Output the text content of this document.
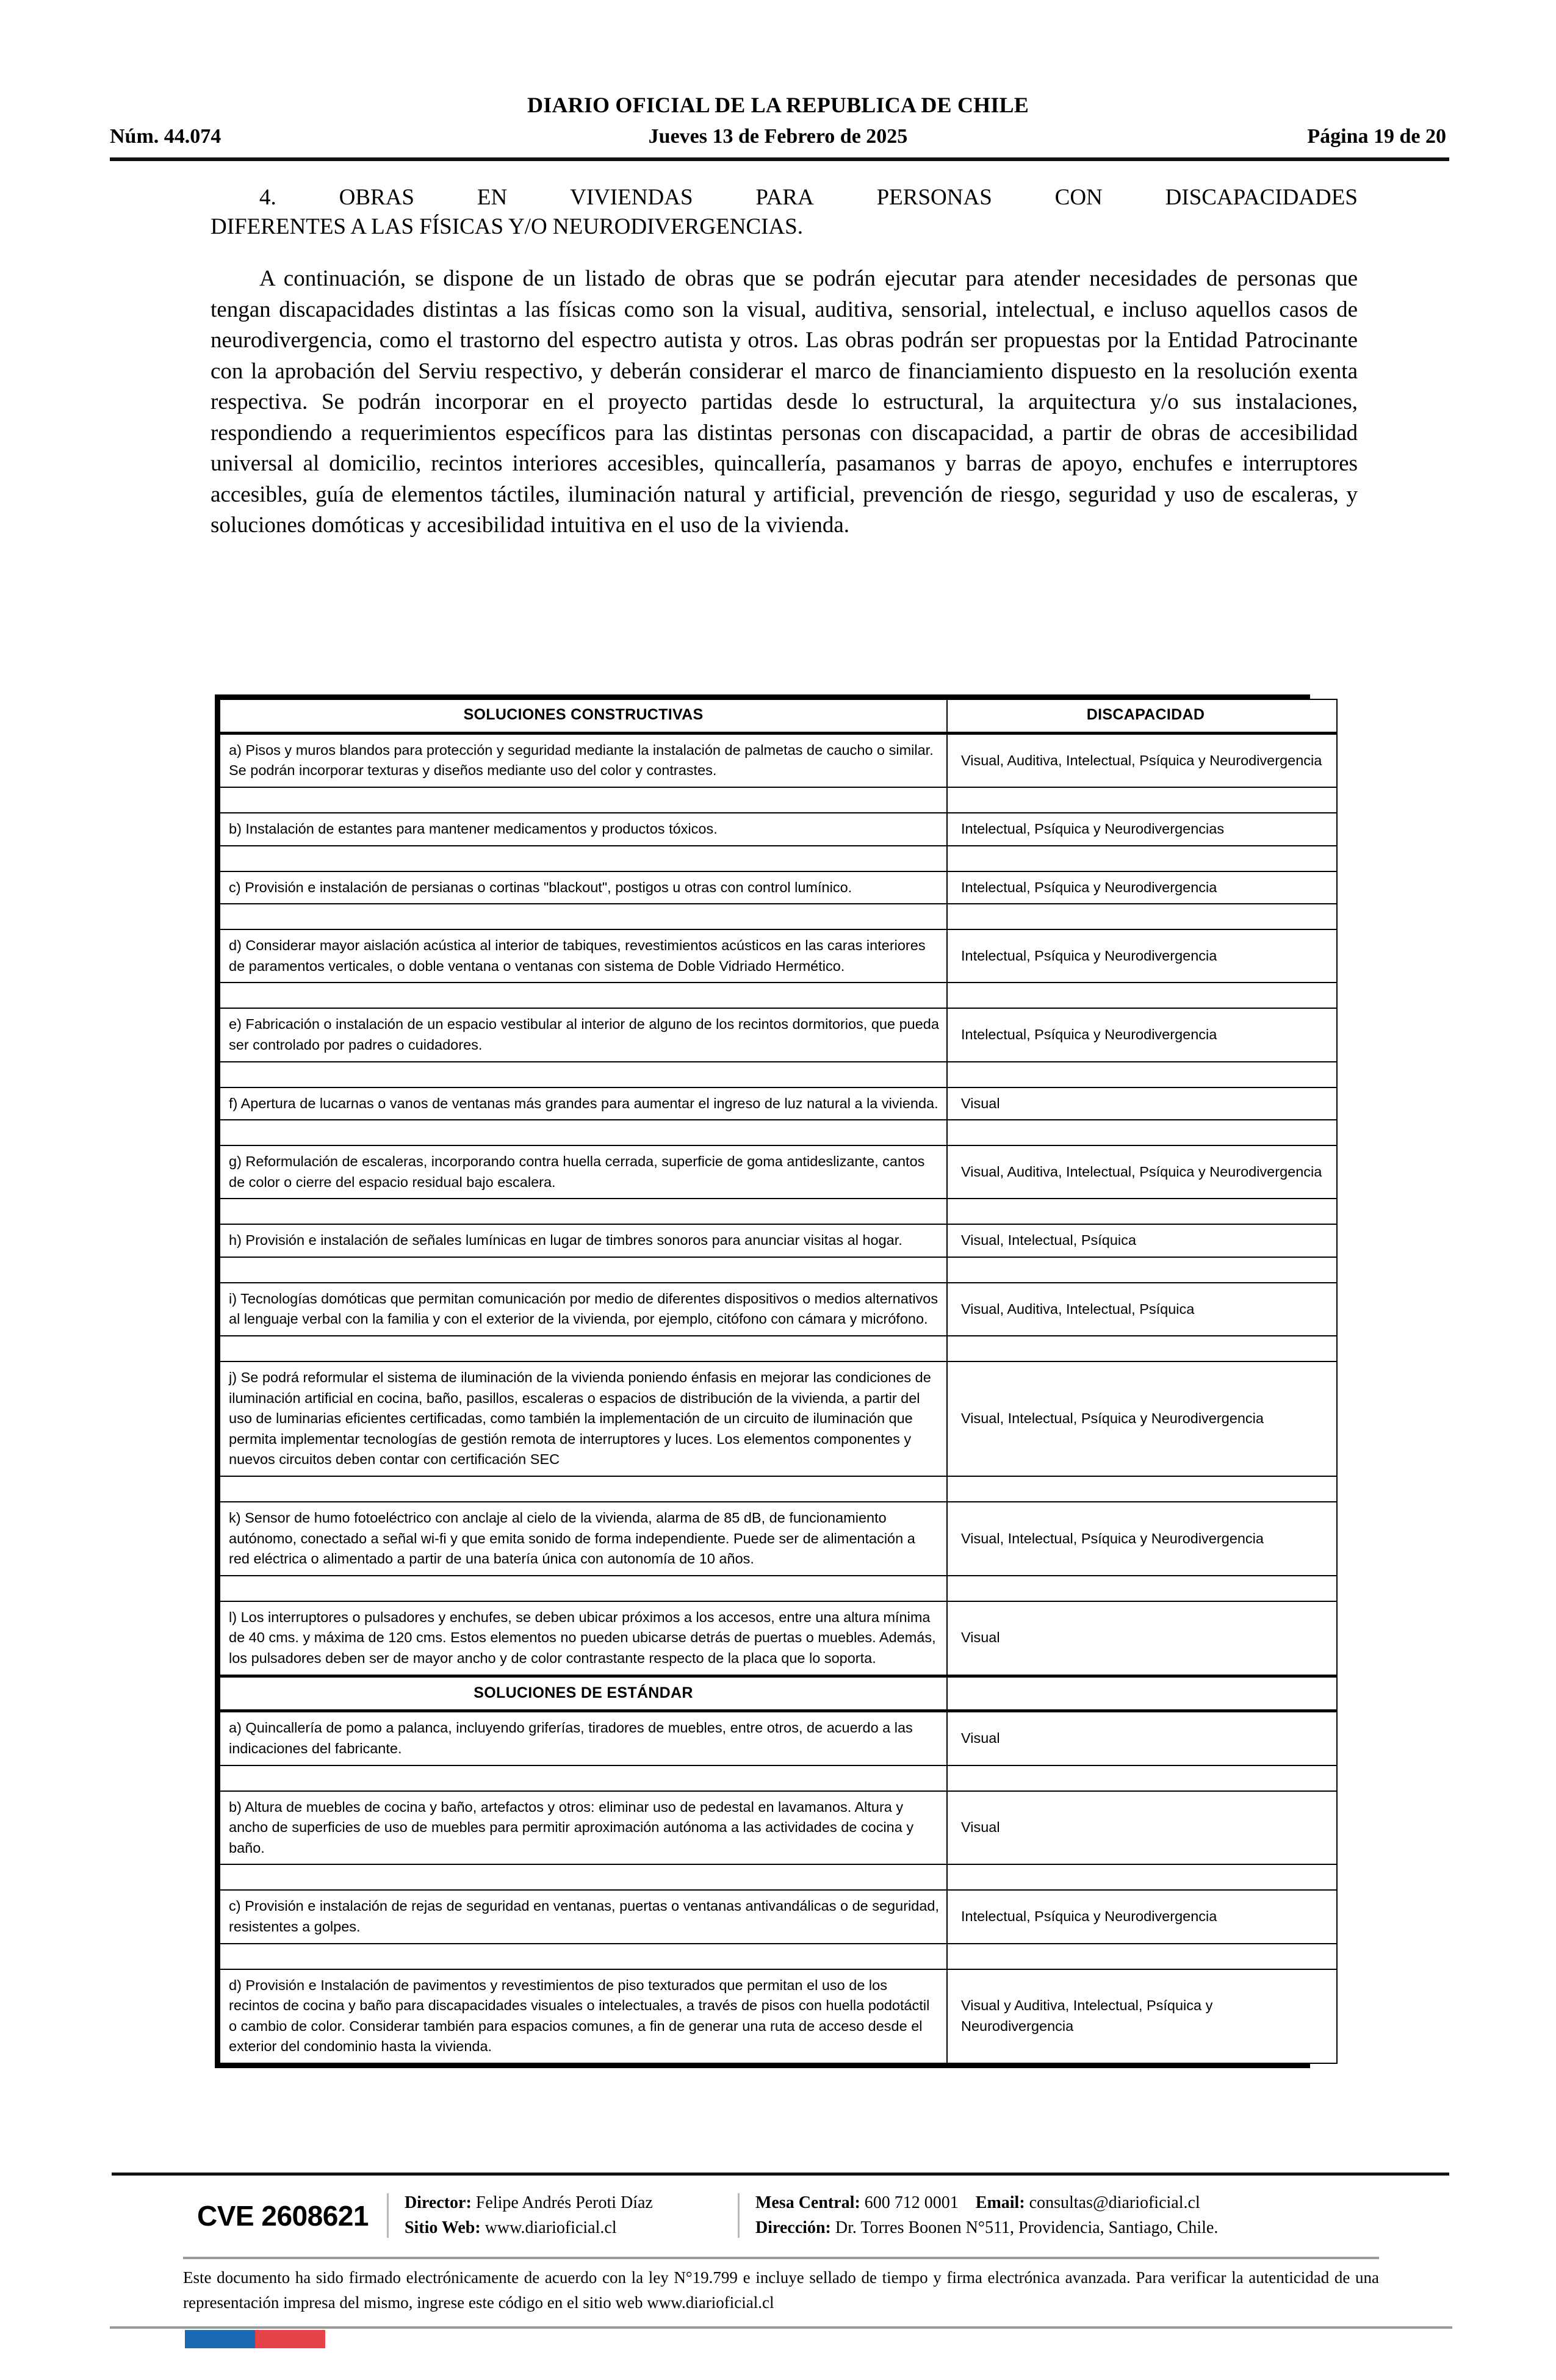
DIARIO OFICIAL DE LA REPUBLICA DE CHILE
Núm. 44.074	Jueves 13 de Febrero de 2025	Página 19 de 20
4.	OBRAS	EN	VIVIENDAS	PARA	PERSONAS	CON	DISCAPACIDADES
DIFERENTES A LAS FÍSICAS Y/O NEURODIVERGENCIAS.

A continuación, se dispone de un listado de obras que se podrán ejecutar para atender necesidades de personas que tengan discapacidades distintas a las físicas como son la visual, auditiva, sensorial, intelectual, e incluso aquellos casos de neurodivergencia, como el trastorno del espectro autista y otros. Las obras podrán ser propuestas por la Entidad Patrocinante con la aprobación del Serviu respectivo, y deberán considerar el marco de financiamiento dispuesto en la resolución exenta respectiva. Se podrán incorporar en el proyecto partidas desde lo estructural, la arquitectura y/o sus instalaciones, respondiendo a requerimientos específicos para las distintas personas con discapacidad, a partir de obras de accesibilidad universal al domicilio, recintos interiores accesibles, quincallería, pasamanos y barras de apoyo, enchufes e interruptores accesibles, guía de elementos táctiles, iluminación natural y artificial, prevención de riesgo, seguridad y uso de escaleras, y soluciones domóticas y accesibilidad intuitiva en el uso de la vivienda.

SOLUCIONES CONSTRUCTIVAS	DISCAPACIDAD
a) Pisos y muros blandos para protección y seguridad mediante la instalación de palmetas de caucho o similar. Se podrán incorporar texturas y diseños mediante uso del color y contrastes.	Visual, Auditiva, Intelectual, Psíquica y Neurodivergencia

b) Instalación de estantes para mantener medicamentos y productos tóxicos.	Intelectual, Psíquica y Neurodivergencias

c) Provisión e instalación de persianas o cortinas "blackout", postigos u otras con control lumínico.	Intelectual, Psíquica y Neurodivergencia

d) Considerar mayor aislación acústica al interior de tabiques, revestimientos acústicos en las caras interiores de paramentos verticales, o doble ventana o ventanas con sistema de Doble Vidriado Hermético.	Intelectual, Psíquica y Neurodivergencia

e) Fabricación o instalación de un espacio vestibular al interior de alguno de los recintos dormitorios, que pueda ser controlado por padres o cuidadores.	Intelectual, Psíquica y Neurodivergencia

f) Apertura de lucarnas o vanos de ventanas más grandes para aumentar el ingreso de luz natural a la vivienda.	Visual

g) Reformulación de escaleras, incorporando contra huella cerrada, superficie de goma antideslizante, cantos de color o cierre del espacio residual bajo escalera.	Visual, Auditiva, Intelectual, Psíquica y Neurodivergencia

h) Provisión e instalación de señales lumínicas en lugar de timbres sonoros para anunciar visitas al hogar.	Visual, Intelectual, Psíquica

i) Tecnologías domóticas que permitan comunicación por medio de diferentes dispositivos o medios alternativos al lenguaje verbal con la familia y con el exterior de la vivienda, por ejemplo, citófono con cámara y micrófono.	Visual, Auditiva, Intelectual, Psíquica

j) Se podrá reformular el sistema de iluminación de la vivienda poniendo énfasis en mejorar las condiciones de iluminación artificial en cocina, baño, pasillos, escaleras o espacios de distribución de la vivienda, a partir del uso de luminarias eficientes certificadas, como también la implementación de un circuito de iluminación que permita implementar tecnologías de gestión remota de interruptores y luces. Los elementos componentes y nuevos circuitos deben contar con certificación SEC	Visual, Intelectual, Psíquica y Neurodivergencia

k) Sensor de humo fotoeléctrico con anclaje al cielo de la vivienda, alarma de 85 dB, de funcionamiento autónomo, conectado a señal wi-fi y que emita sonido de forma independiente. Puede ser de alimentación a red eléctrica o alimentado a partir de una batería única con autonomía de 10 años.	Visual, Intelectual, Psíquica y Neurodivergencia

l) Los interruptores o pulsadores y enchufes, se deben ubicar próximos a los accesos, entre una altura mínima de 40 cms. y máxima de 120 cms. Estos elementos no pueden ubicarse detrás de puertas o muebles. Además, los pulsadores deben ser de mayor ancho y de color contrastante respecto de la placa que lo soporta.	Visual
SOLUCIONES DE ESTÁNDAR	
a) Quincallería de pomo a palanca, incluyendo griferías, tiradores de muebles, entre otros, de acuerdo a las indicaciones del fabricante.	Visual

b) Altura de muebles de cocina y baño, artefactos y otros: eliminar uso de pedestal en lavamanos. Altura y ancho de superficies de uso de muebles para permitir aproximación autónoma a las actividades de cocina y baño.	Visual

c) Provisión e instalación de rejas de seguridad en ventanas, puertas o ventanas antivandálicas o de seguridad, resistentes a golpes.	Intelectual, Psíquica y Neurodivergencia

d) Provisión e Instalación de pavimentos y revestimientos de piso texturados que permitan el uso de los recintos de cocina y baño para discapacidades visuales o intelectuales, a través de pisos con huella podotáctil o cambio de color. Considerar también para espacios comunes, a fin de generar una ruta de acceso desde el exterior del condominio hasta la vivienda.	Visual y Auditiva, Intelectual, Psíquica y Neurodivergencia
CVE 2608621	Director: Felipe Andrés Peroti Díaz
Sitio Web: www.diarioficial.cl
Mesa Central: 600 712 0001 Email: consultas@diarioficial.cl
Dirección: Dr. Torres Boonen N°511, Providencia, Santiago, Chile.
Este documento ha sido firmado electrónicamente de acuerdo con la ley N°19.799 e incluye sellado de tiempo y firma electrónica avanzada. Para verificar la autenticidad de una representación impresa del mismo, ingrese este código en el sitio web www.diarioficial.cl
